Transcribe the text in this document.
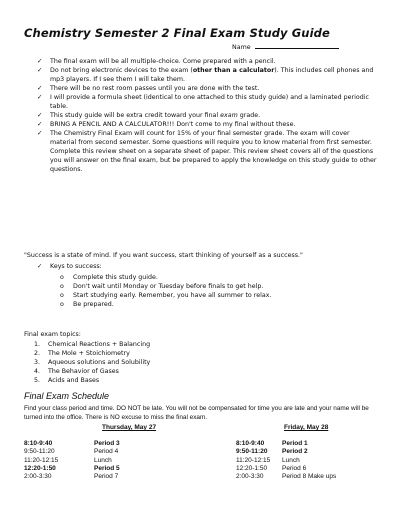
Chemistry Semester 2 Final Exam Study Guide
Name
✓ The final exam will be all multiple-choice. Come prepared with a pencil.
✓ Do not bring electronic devices to the exam (other than a calculator). This includes cell phones and mp3 players. If I see them I will take them.
✓ There will be no rest room passes until you are done with the test.
✓ I will provide a formula sheet (identical to one attached to this study guide) and a laminated periodic table.
✓ This study guide will be extra credit toward your final exam grade.
✓ BRING A PENCIL AND A CALCULATOR!!! Don't come to my final without these.
✓ The Chemistry Final Exam will count for 15% of your final semester grade. The exam will cover material from second semester. Some questions will require you to know material from first semester. Complete this review sheet on a separate sheet of paper. This review sheet covers all of the questions you will answer on the final exam, but be prepared to apply the knowledge on this study guide to other questions.
"Success is a state of mind. If you want success, start thinking of yourself as a success."
✓ Keys to success:
o Complete this study guide.
o Don't wait until Monday or Tuesday before finals to get help.
o Start studying early. Remember, you have all summer to relax.
o Be prepared.
Final exam topics:
1. Chemical Reactions + Balancing
2. The Mole + Stoichiometry
3. Aqueous solutions and Solubility
4. The Behavior of Gases
5. Acids and Bases
Final Exam Schedule
Find your class period and time. DO NOT be late. You will not be compensated for time you are late and your name will be turned into the office. There is NO excuse to miss the final exam.
Thursday, May 27	Friday, May 28
8:10-9:40	Period 3
9:50-11:20	Period 4
11:20-12:15	Lunch
12:20-1:50	Period 5
2:00-3:30	Period 7
8:10-9:40	Period 1
9:50-11:20 Period 2
11:20-12:15 Lunch
12:20-1:50 Period 6
2:00-3:30	Period 8 Make ups
